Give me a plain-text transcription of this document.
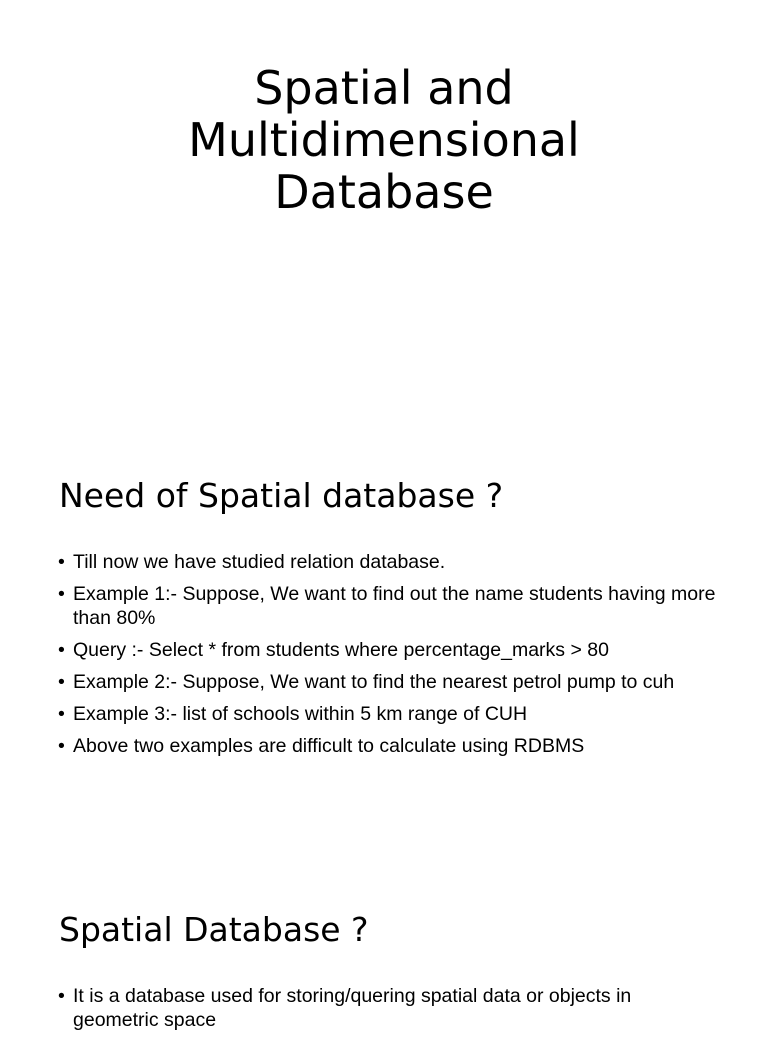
Spatial and
Multidimensional
Database
Need of Spatial database ?
• Till now we have studied relation database.
• Example 1:- Suppose, We want to find out the name students having more than 80%
• Query :- Select * from students where percentage_marks > 80
• Example 2:- Suppose, We want to find the nearest petrol pump to cuh
• Example 3:- list of schools within 5 km range of CUH
• Above two examples are difficult to calculate using RDBMS
Spatial Database ?
• It is a database used for storing/quering spatial data or objects in geometric space
